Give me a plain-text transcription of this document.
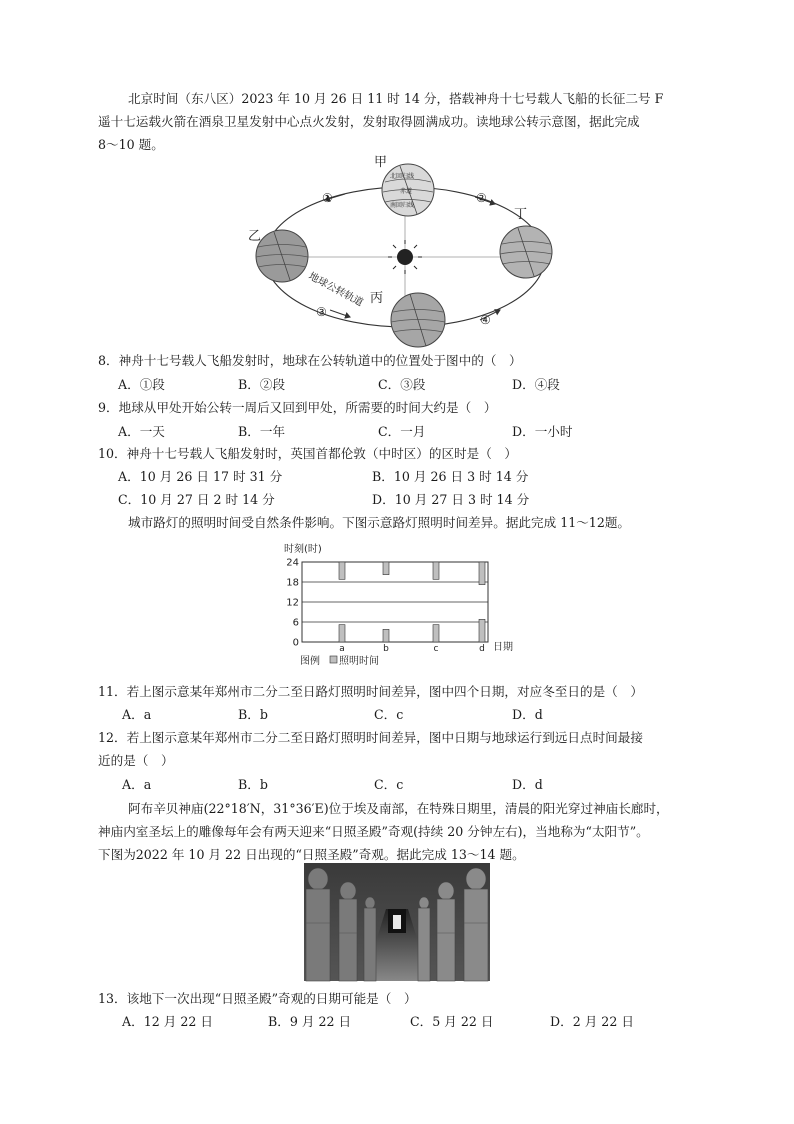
北京时间（东八区）2023 年 10 月 26 日 11 时 14 分，搭载神舟十七号载人飞船的长征二号 F
遥十七运载火箭在酒泉卫星发射中心点火发射，发射取得圆满成功。读地球公转示意图，据此完成
8～10 题。
甲
乙
丙
丁
①	②
③
④
地球公转轨道
北回归线
赤道
南回归线
8．神舟十七号载人飞船发射时，地球在公转轨道中的位置处于图中的（　）
A．①段	B．②段	C．③段	D．④段
9．地球从甲处开始公转一周后又回到甲处，所需要的时间大约是（　）
A．一天	B．一年	C．一月	D．一小时
10．神舟十七号载人飞船发射时，英国首都伦敦（中时区）的区时是（　）
A．10 月 26 日 17 时 31 分	B．10 月 26 日 3 时 14 分
C．10 月 27 日 2 时 14 分	D．10 月 27 日 3 时 14 分
城市路灯的照明时间受自然条件影响。下图示意路灯照明时间差异。据此完成 11～12题。
时刻(时)
24
18
12
6
0
a	b	c	d 日期
图例 照明时间
11．若上图示意某年郑州市二分二至日路灯照明时间差异，图中四个日期，对应冬至日的是（　）
A．a	B．b	C．c	D．d
12．若上图示意某年郑州市二分二至日路灯照明时间差异，图中日期与地球运行到远日点时间最接
近的是（　）
A．a	B．b	C．c	D．d
阿布辛贝神庙(22°18′N，31°36′E)位于埃及南部，在特殊日期里，清晨的阳光穿过神庙长廊时，
神庙内室圣坛上的雕像每年会有两天迎来“日照圣殿”奇观(持续 20 分钟左右)，当地称为“太阳节”。
下图为2022 年 10 月 22 日出现的“日照圣殿”奇观。据此完成 13～14 题。
13．该地下一次出现“日照圣殿”奇观的日期可能是（　）
A．12 月 22 日	B．9 月 22 日	C．5 月 22 日	D．2 月 22 日
